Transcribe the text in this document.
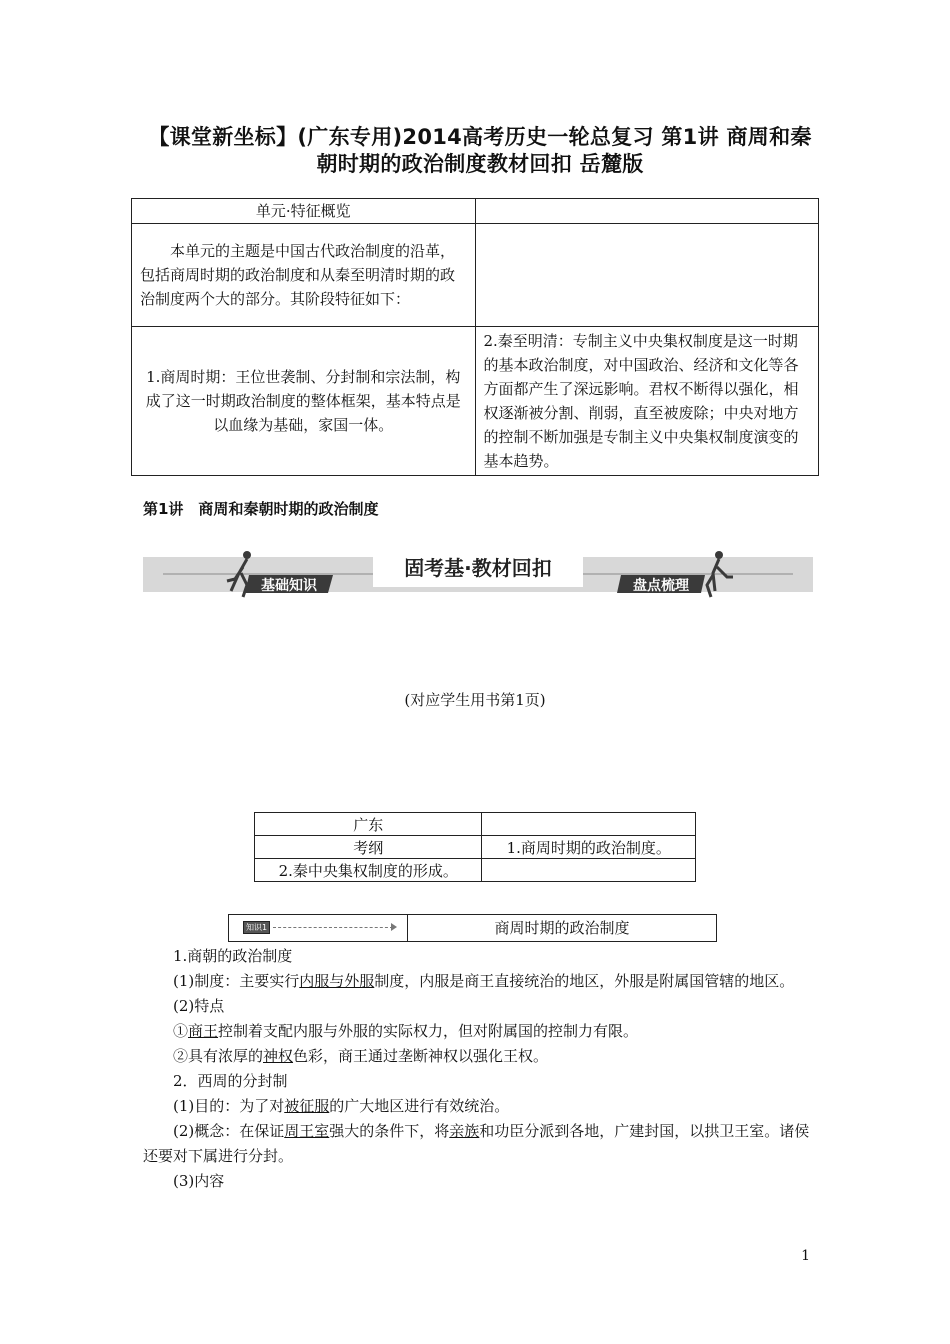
【课堂新坐标】(广东专用)2014高考历史一轮总复习 第1讲 商周和秦朝时期的政治制度教材回扣 岳麓版
单元·特征概览	
本单元的主题是中国古代政治制度的沿革，包括商周时期的政治制度和从秦至明清时期的政治制度两个大的部分。其阶段特征如下：	
1.商周时期：王位世袭制、分封制和宗法制，构成了这一时期政治制度的整体框架，基本特点是以血缘为基础，家国一体。	2.秦至明清：专制主义中央集权制度是这一时期的基本政治制度，对中国政治、经济和文化等各方面都产生了深远影响。君权不断得以强化，相权逐渐被分割、削弱，直至被废除；中央对地方的控制不断加强是专制主义中央集权制度演变的基本趋势。
第1讲　商周和秦朝时期的政治制度
固考基·教材回扣
基础知识	盘点梳理
(对应学生用书第1页)
广东	
考纲	1.商周时期的政治制度。
2.秦中央集权制度的形成。	
知识1	商周时期的政治制度

1.商朝的政治制度

(1)制度：主要实行内服与外服制度，内服是商王直接统治的地区，外服是附属国管辖的地区。

(2)特点

①商王控制着支配内服与外服的实际权力，但对附属国的控制力有限。

②具有浓厚的神权色彩，商王通过垄断神权以强化王权。

2．西周的分封制

(1)目的：为了对被征服的广大地区进行有效统治。

(2)概念：在保证周王室强大的条件下，将亲族和功臣分派到各地，广建封国，以拱卫王室。诸侯还要对下属进行分封。

(3)内容

1
